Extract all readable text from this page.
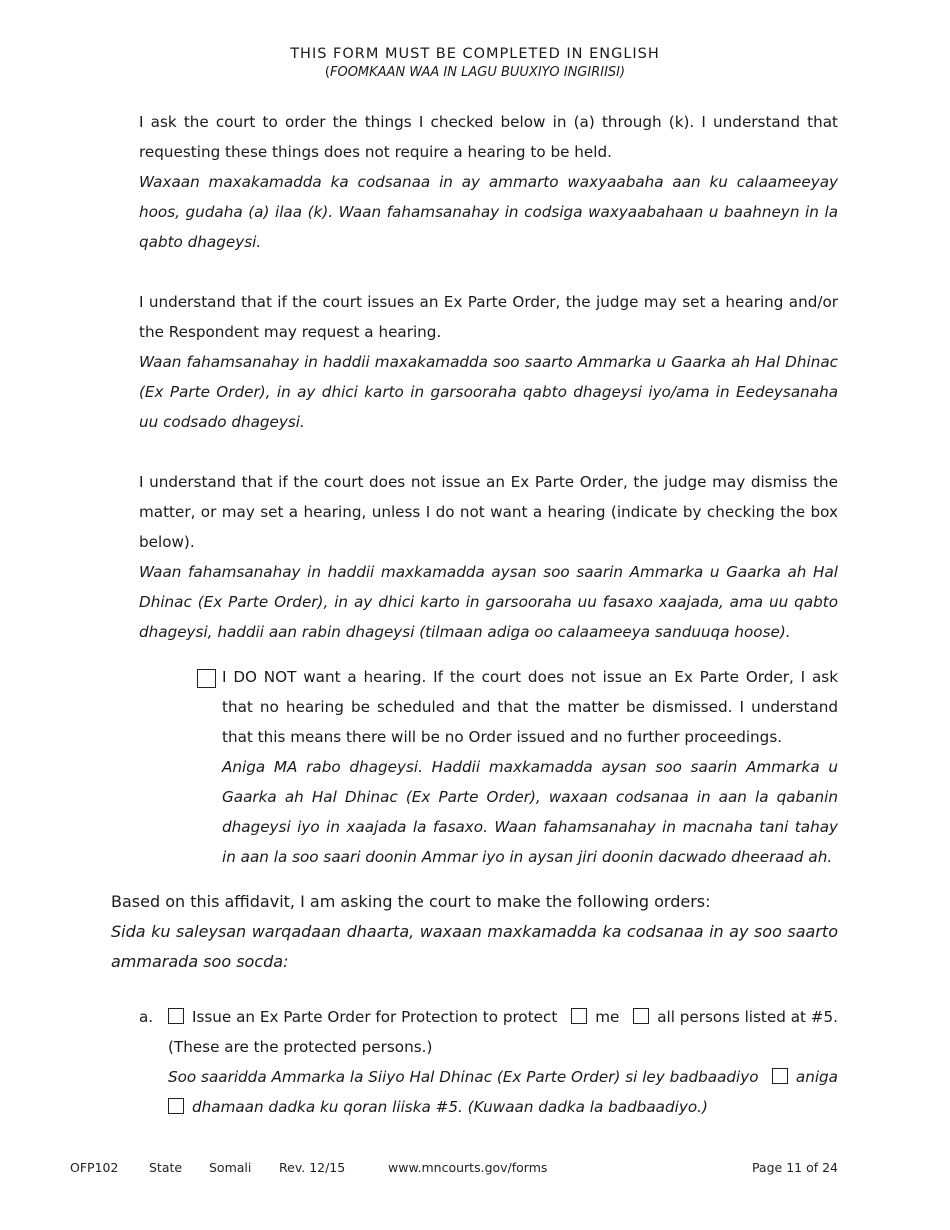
THIS FORM MUST BE COMPLETED IN ENGLISH
(FOOMKAAN WAA IN LAGU BUUXIYO INGIRIISI)

I ask the court to order the things I checked below in (a) through (k). I understand that requesting these things does not require a hearing to be held.

Waxaan maxakamadda ka codsanaa in ay ammarto waxyaabaha aan ku calaameeyay hoos, gudaha (a) ilaa (k). Waan fahamsanahay in codsiga waxyaabahaan u baahneyn in la qabto dhageysi.

I understand that if the court issues an Ex Parte Order, the judge may set a hearing and/or the Respondent may request a hearing.

Waan fahamsanahay in haddii maxakamadda soo saarto Ammarka u Gaarka ah Hal Dhinac (Ex Parte Order), in ay dhici karto in garsooraha qabto dhageysi iyo/ama in Eedeysanaha uu codsado dhageysi.

I understand that if the court does not issue an Ex Parte Order, the judge may dismiss the matter, or may set a hearing, unless I do not want a hearing (indicate by checking the box below).

Waan fahamsanahay in haddii maxkamadda aysan soo saarin Ammarka u Gaarka ah Hal Dhinac (Ex Parte Order), in ay dhici karto in garsooraha uu fasaxo xaajada, ama uu qabto dhageysi, haddii aan rabin dhageysi (tilmaan adiga oo calaameeya sanduuqa hoose).

I DO NOT want a hearing. If the court does not issue an Ex Parte Order, I ask that no hearing be scheduled and that the matter be dismissed. I understand that this means there will be no Order issued and no further proceedings.

Aniga MA rabo dhageysi. Haddii maxkamadda aysan soo saarin Ammarka u Gaarka ah Hal Dhinac (Ex Parte Order), waxaan codsanaa in aan la qabanin dhageysi iyo in xaajada la fasaxo. Waan fahamsanahay in macnaha tani tahay in aan la soo saari doonin Ammar iyo in aysan jiri doonin dacwado dheeraad ah.

Based on this affidavit, I am asking the court to make the following orders:

Sida ku saleysan warqadaan dhaarta, waxaan maxkamadda ka codsanaa in ay soo saarto ammarada soo socda:

a.	Issue an Ex Parte Order for Protection to protect	me	all persons listed at #5.
(These are the protected persons.)
Soo saaridda Ammarka la Siiyo Hal Dhinac (Ex Parte Order) si ley badbaadiyo	aniga
dhamaan dadka ku qoran liiska #5. (Kuwaan dadka la badbaadiyo.)
OFP102 State Somali Rev. 12/15	www.mncourts.gov/forms	Page 11 of 24
